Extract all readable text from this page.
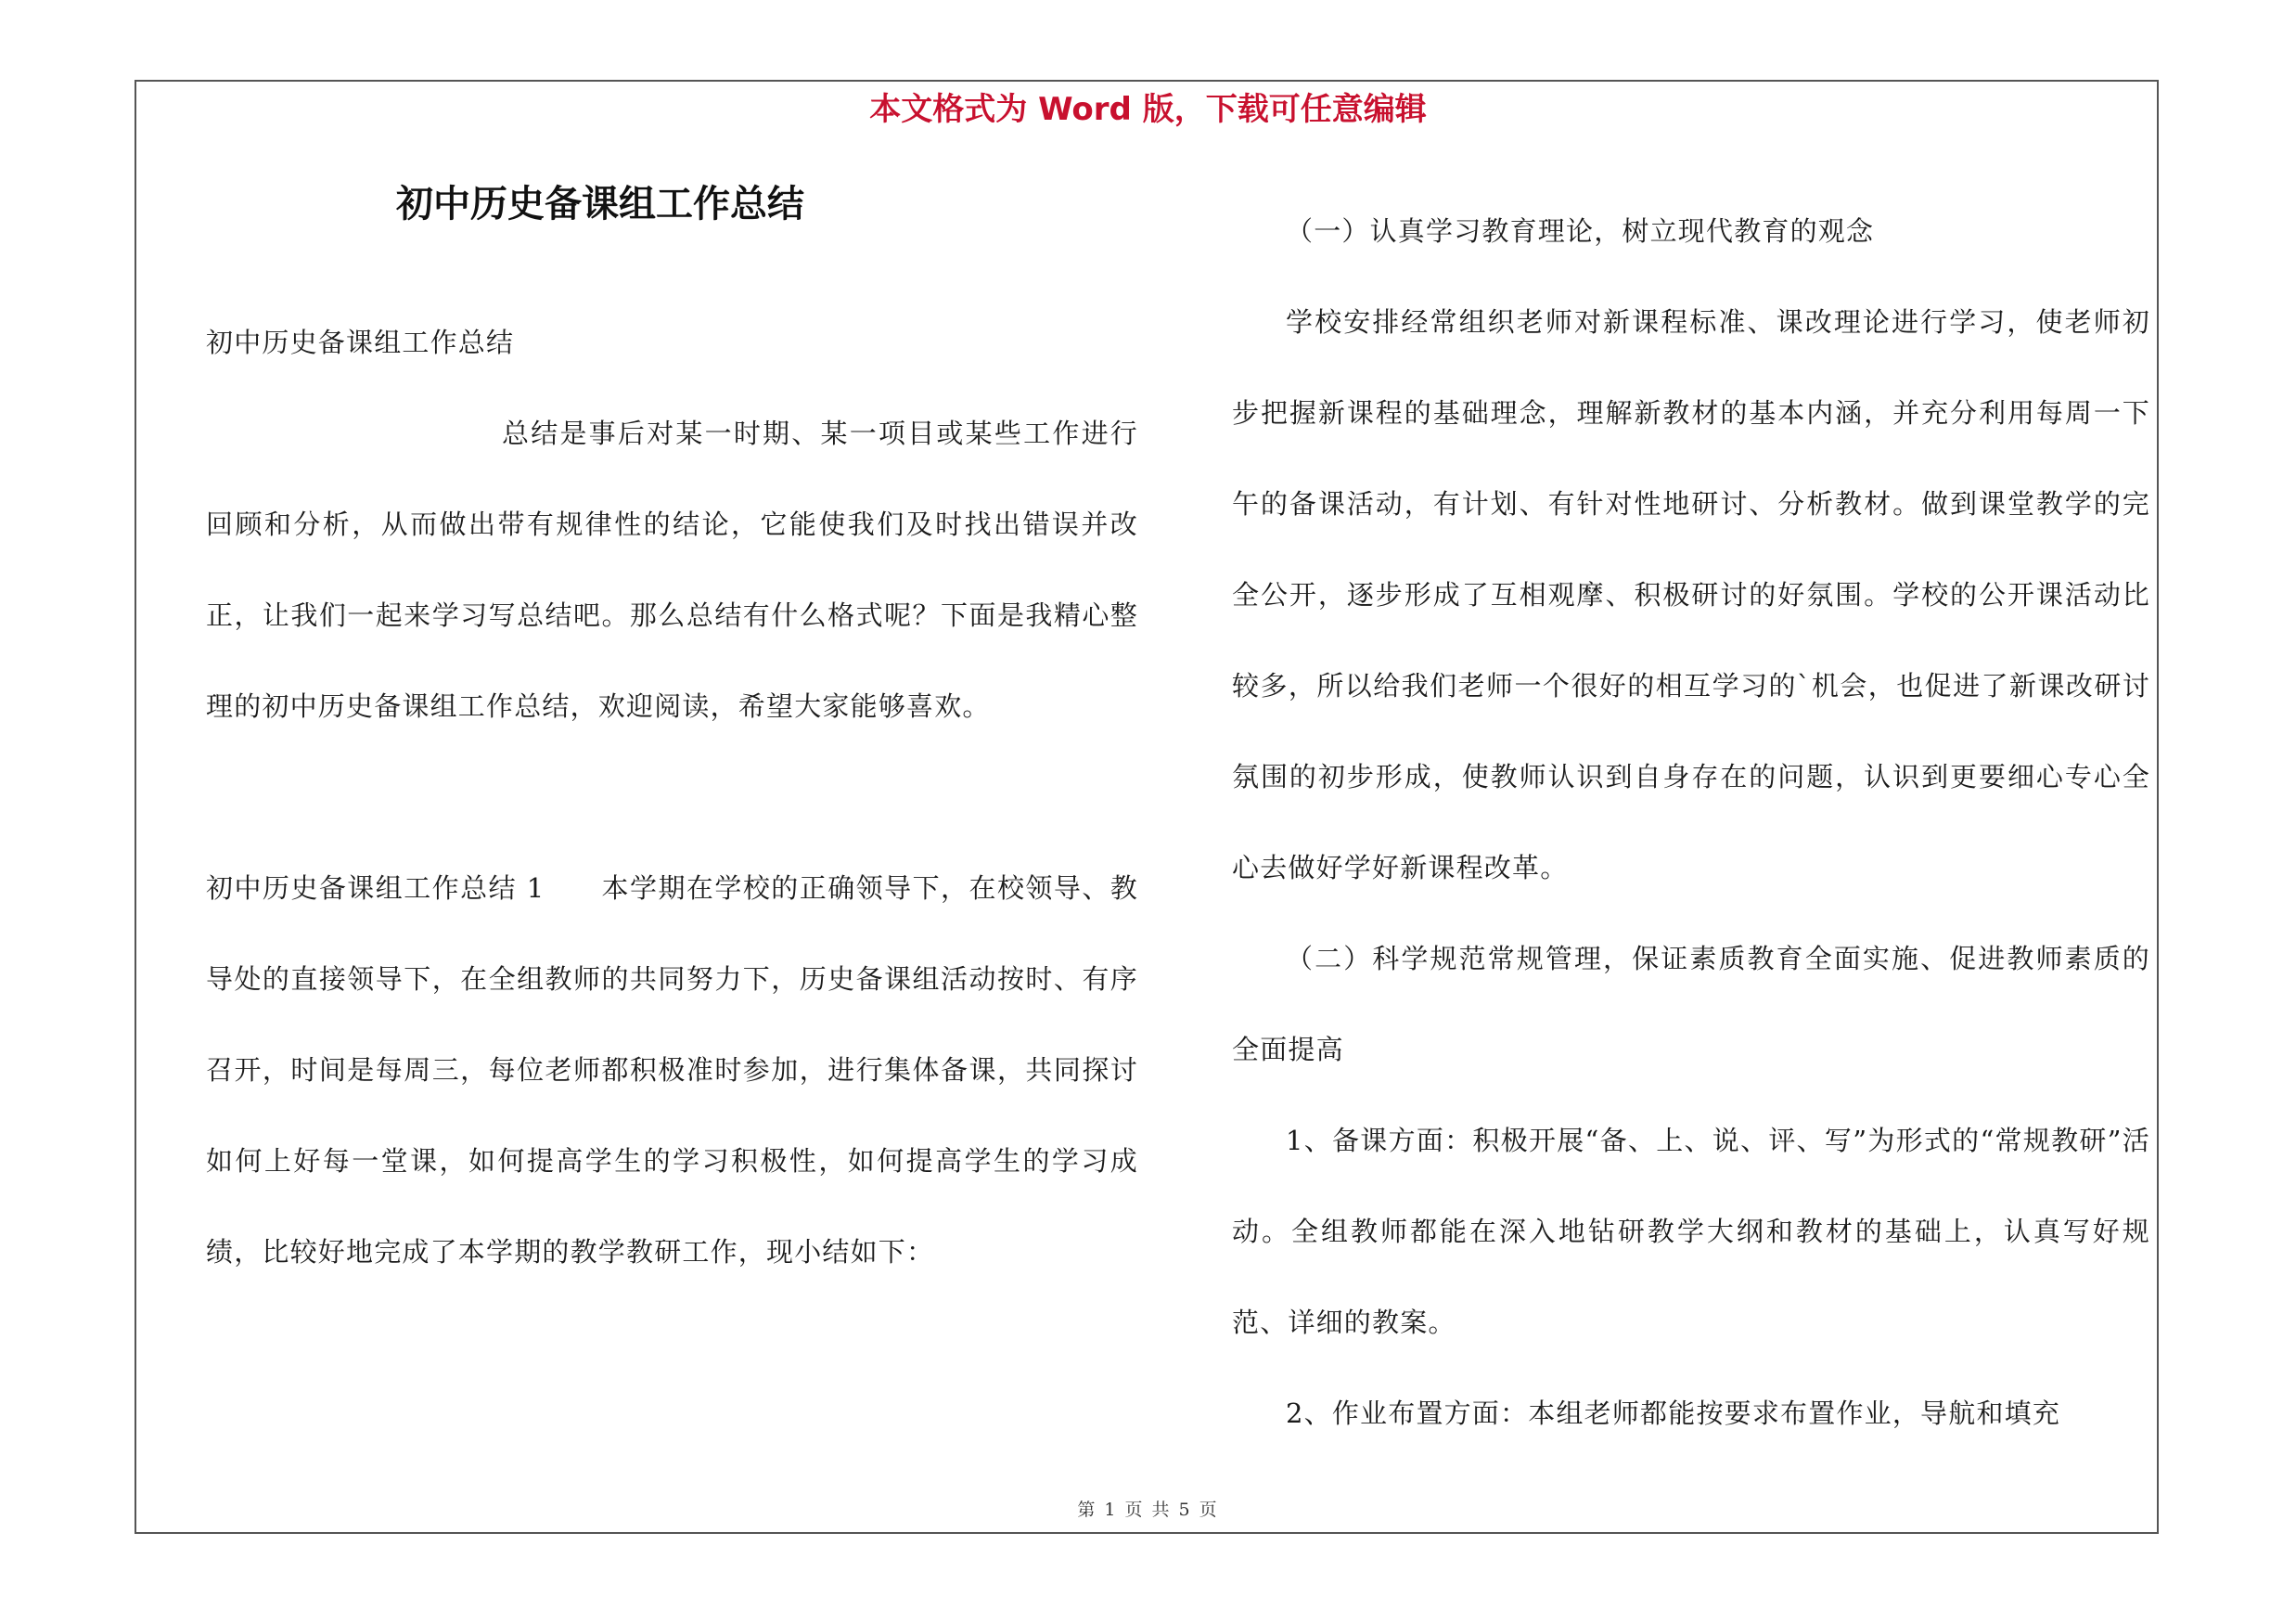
本文格式为 Word 版，下载可任意编辑
初中历史备课组工作总结

初中历史备课组工作总结

总结是事后对某一时期、某一项目或某些工作进行回顾和分析，从而做出带有规律性的结论，它能使我们及时找出错误并改正，让我们一起来学习写总结吧。那么总结有什么格式呢？下面是我精心整理的初中历史备课组工作总结，欢迎阅读，希望大家能够喜欢。

初中历史备课组工作总结 1　　本学期在学校的正确领导下，在校领导、教导处的直接领导下，在全组教师的共同努力下，历史备课组活动按时、有序召开，时间是每周三，每位老师都积极准时参加，进行集体备课，共同探讨如何上好每一堂课，如何提高学生的学习积极性，如何提高学生的学习成绩，比较好地完成了本学期的教学教研工作，现小结如下：

（一）认真学习教育理论，树立现代教育的观念

学校安排经常组织老师对新课程标准、课改理论进行学习，使老师初步把握新课程的基础理念，理解新教材的基本内涵，并充分利用每周一下午的备课活动，有计划、有针对性地研讨、分析教材。做到课堂教学的完全公开，逐步形成了互相观摩、积极研讨的好氛围。学校的公开课活动比较多，所以给我们老师一个很好的相互学习的`机会，也促进了新课改研讨氛围的初步形成，使教师认识到自身存在的问题，认识到更要细心专心全心去做好学好新课程改革。

（二）科学规范常规管理，保证素质教育全面实施、促进教师素质的全面提高

1、备课方面：积极开展“备、上、说、评、写”为形式的“常规教研”活动。全组教师都能在深入地钻研教学大纲和教材的基础上，认真写好规范、详细的教案。

2、作业布置方面：本组老师都能按要求布置作业，导航和填充

第 1 页 共 5 页
